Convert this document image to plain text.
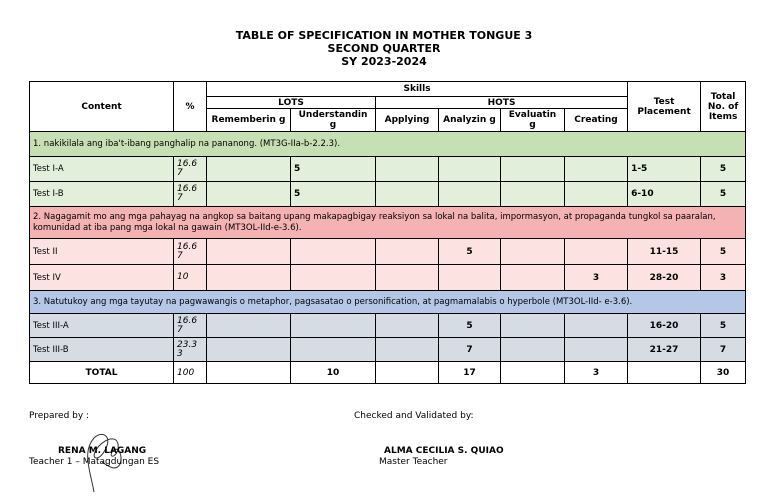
TABLE OF SPECIFICATION IN MOTHER TONGUE 3
SECOND QUARTER
SY 2023-2024
Content	%	Skills						Test Placement	Total No. of Items
		LOTS		HOTS					
		Rememberin g	Understandin g	Applying	Analyzin g	Evaluatin g	Creating		
1. nakikilala ang iba't-ibang panghalip na pananong. (MT3G-IIa-b-2.2.3).									
Test I-A	16.6 7		5					1-5	5
Test I-B	16.6 7		5					6-10	5
2. Nagagamit mo ang mga pahayag na angkop sa baitang upang makapagbigay reaksiyon sa lokal na balita, impormasyon, at propaganda tungkol sa paaralan, komunidad at iba pang mga lokal na gawain (MT3OL-IId-e-3.6).									
Test II	16.6 7				5			11-15	5
Test IV	10						3	28-20	3
3. Natutukoy ang mga tayutay na pagwawangis o metaphor, pagsasatao o personification, at pagmamalabis o hyperbole (MT3OL-IId- e-3.6).									
Test III-A	16.6 7				5			16-20	5
Test III-B	23.3 3				7			21-27	7
TOTAL	100		10		17		3		30
Prepared by :	Checked and Validated by:
RENA M. LAGANG
Teacher 1 – Matagdungan ES
ALMA CECILIA S. QUIAO
Master Teacher
